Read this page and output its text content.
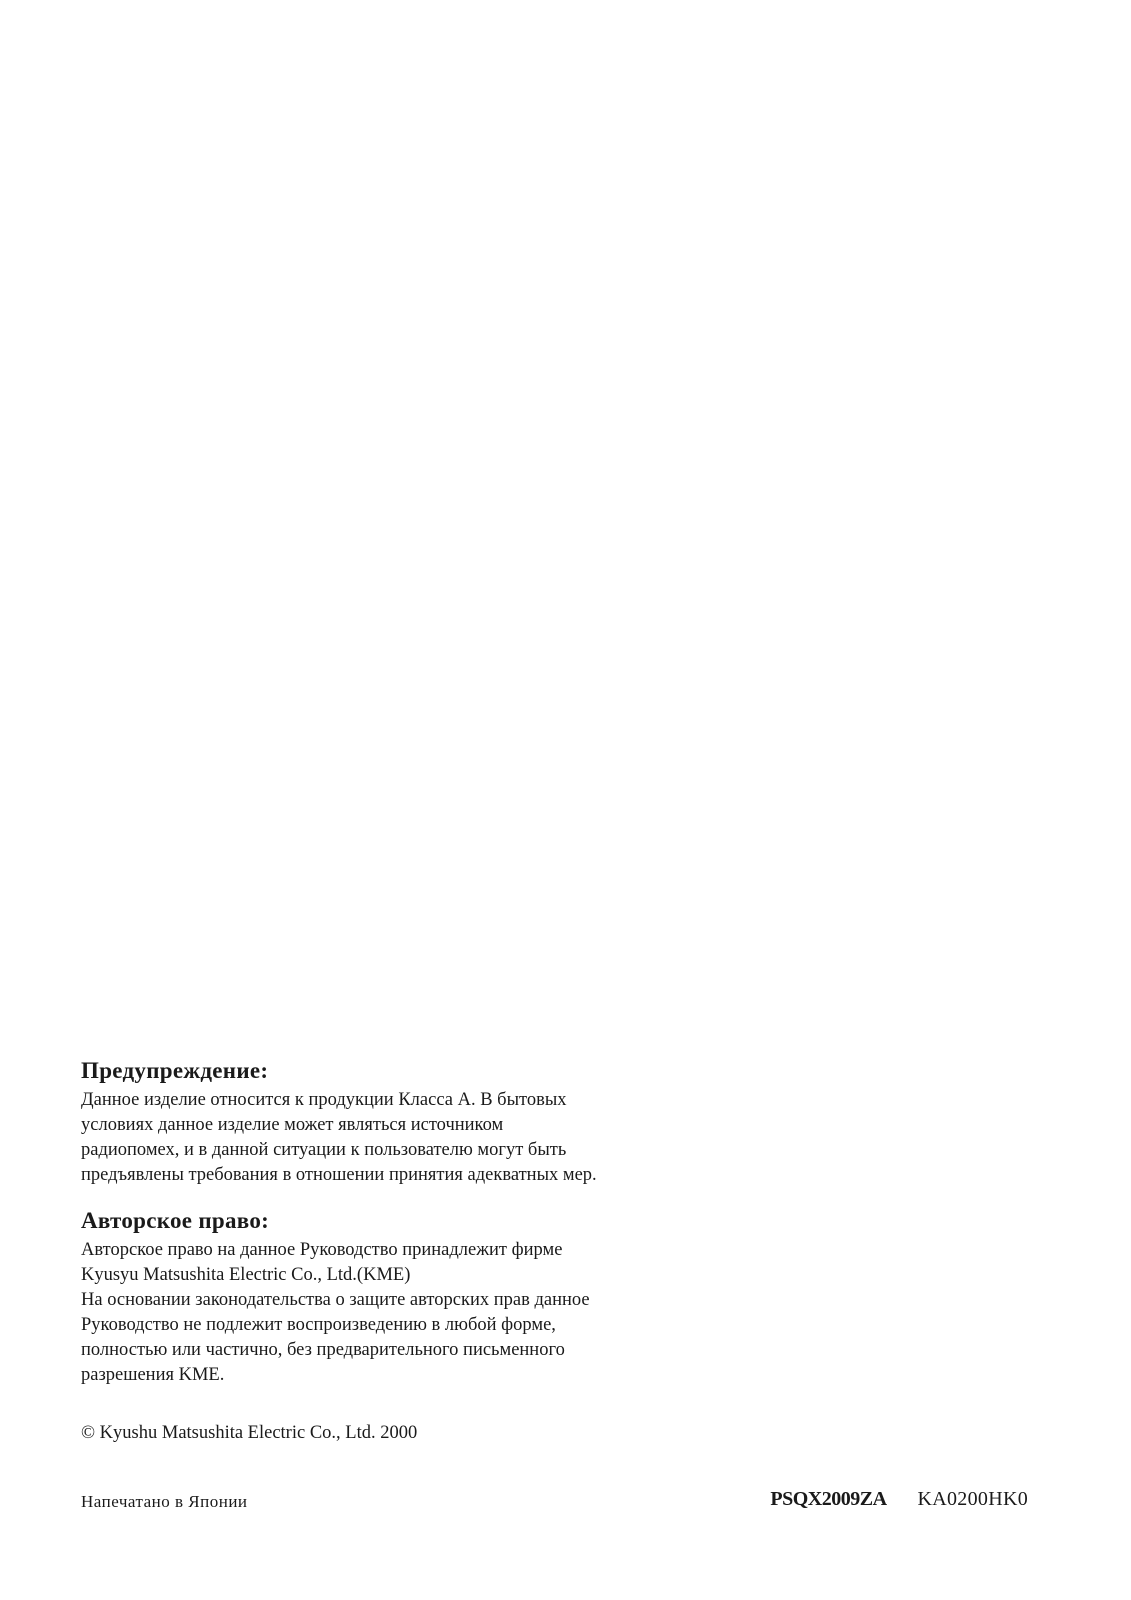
Предупреждение:

Данное изделие относится к продукции Класса А. В бытовых
условиях данное изделие может являться источником
радиопомех, и в данной ситуации к пользователю могут быть
предъявлены требования в отношении принятия адекватных мер.

Авторское право:

Авторское право на данное Руководство принадлежит фирме
Kyusyu Matsushita Electric Co., Ltd.(KME)
На основании законодательства о защите авторских прав данное
Руководство не подлежит воспроизведению в любой форме,
полностью или частично, без предварительного письменного
разрешения KME.

© Kyushu Matsushita Electric Co., Ltd. 2000
Напечатано в Японии	PSQX2009ZA KA0200HK0
